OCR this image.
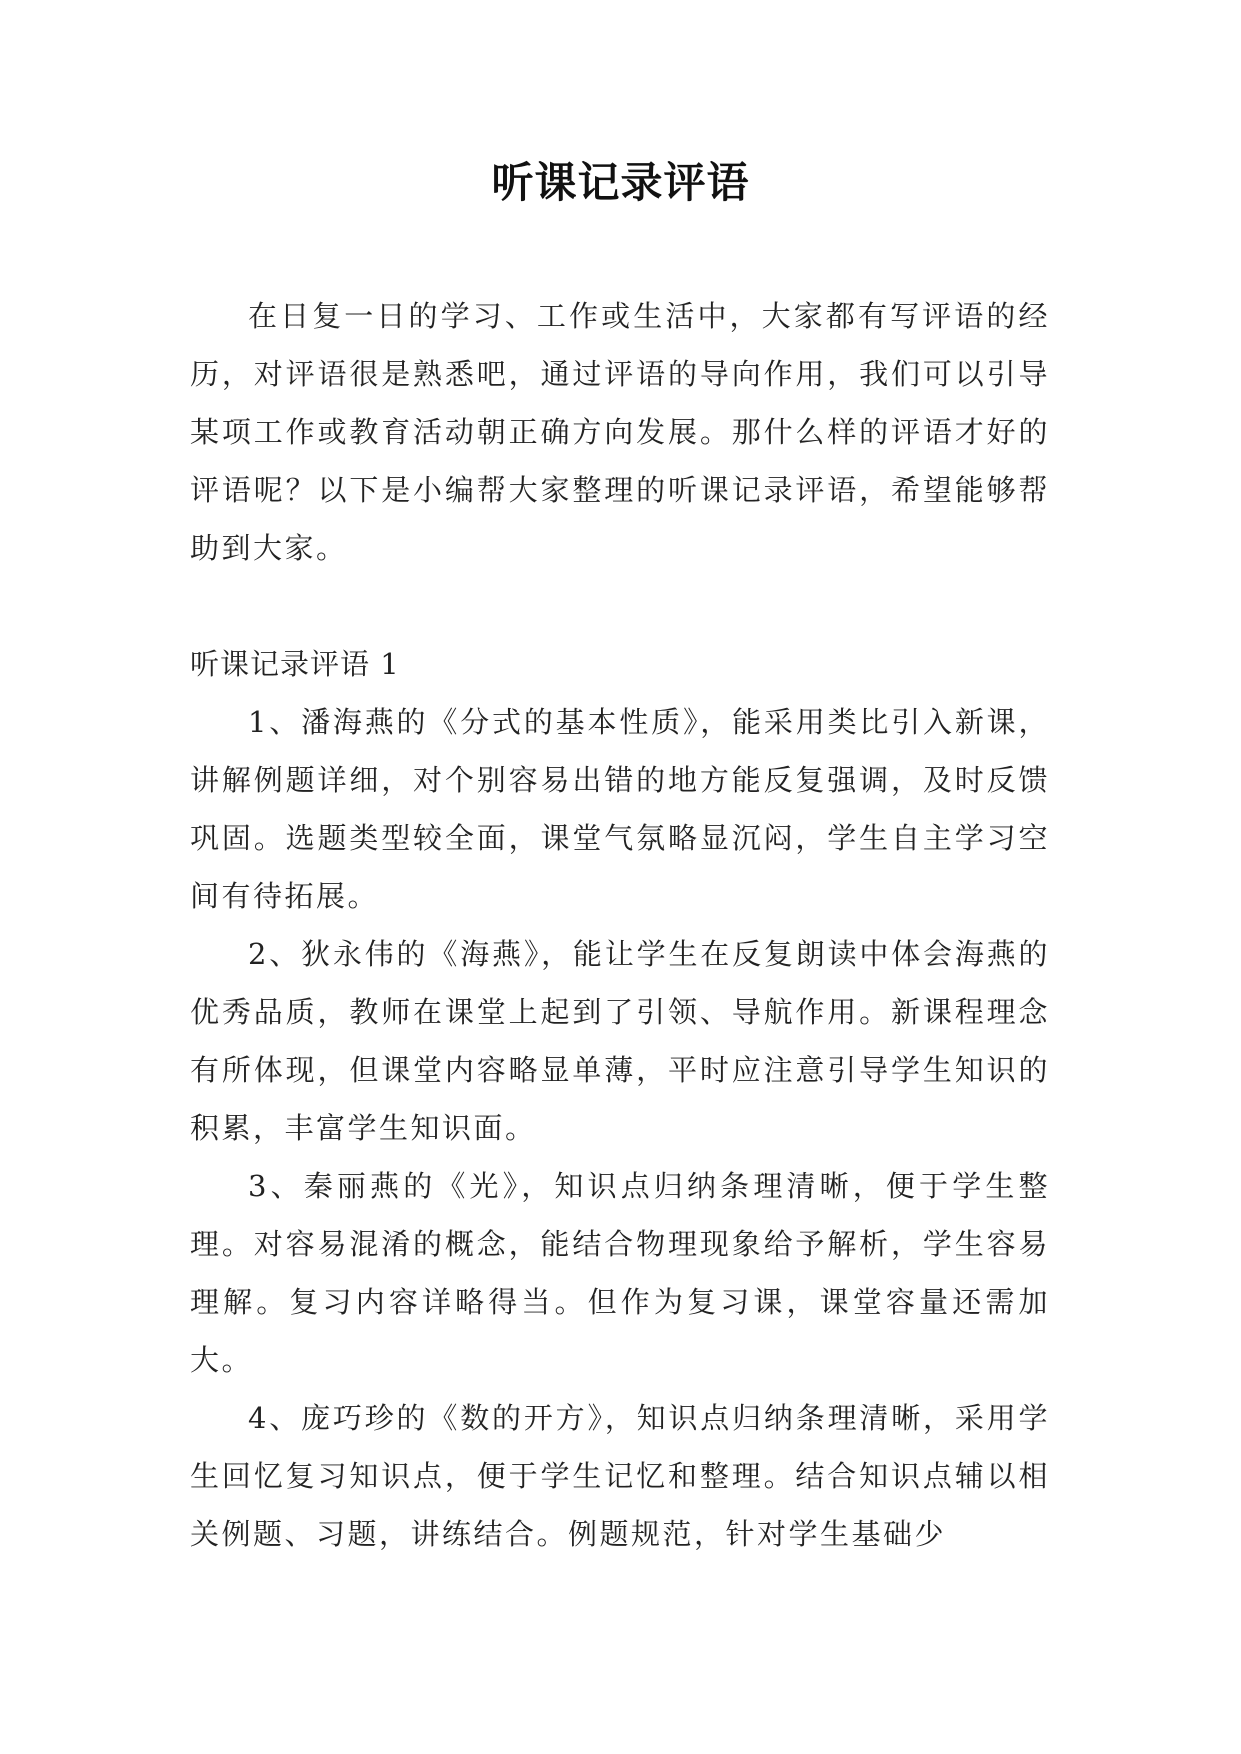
听课记录评语

在日复一日的学习、工作或生活中，大家都有写评语的经历，对评语很是熟悉吧，通过评语的导向作用，我们可以引导某项工作或教育活动朝正确方向发展。那什么样的评语才好的评语呢？以下是小编帮大家整理的听课记录评语，希望能够帮助到大家。

听课记录评语 1

1、潘海燕的《分式的基本性质》，能采用类比引入新课，讲解例题详细，对个别容易出错的地方能反复强调，及时反馈巩固。选题类型较全面，课堂气氛略显沉闷，学生自主学习空间有待拓展。

2、狄永伟的《海燕》，能让学生在反复朗读中体会海燕的优秀品质，教师在课堂上起到了引领、导航作用。新课程理念有所体现，但课堂内容略显单薄，平时应注意引导学生知识的积累，丰富学生知识面。

3、秦丽燕的《光》，知识点归纳条理清晰，便于学生整理。对容易混淆的概念，能结合物理现象给予解析，学生容易理解。复习内容详略得当。但作为复习课，课堂容量还需加大。

4、庞巧珍的《数的开方》，知识点归纳条理清晰，采用学生回忆复习知识点，便于学生记忆和整理。结合知识点辅以相关例题、习题，讲练结合。例题规范，针对学生基础少
